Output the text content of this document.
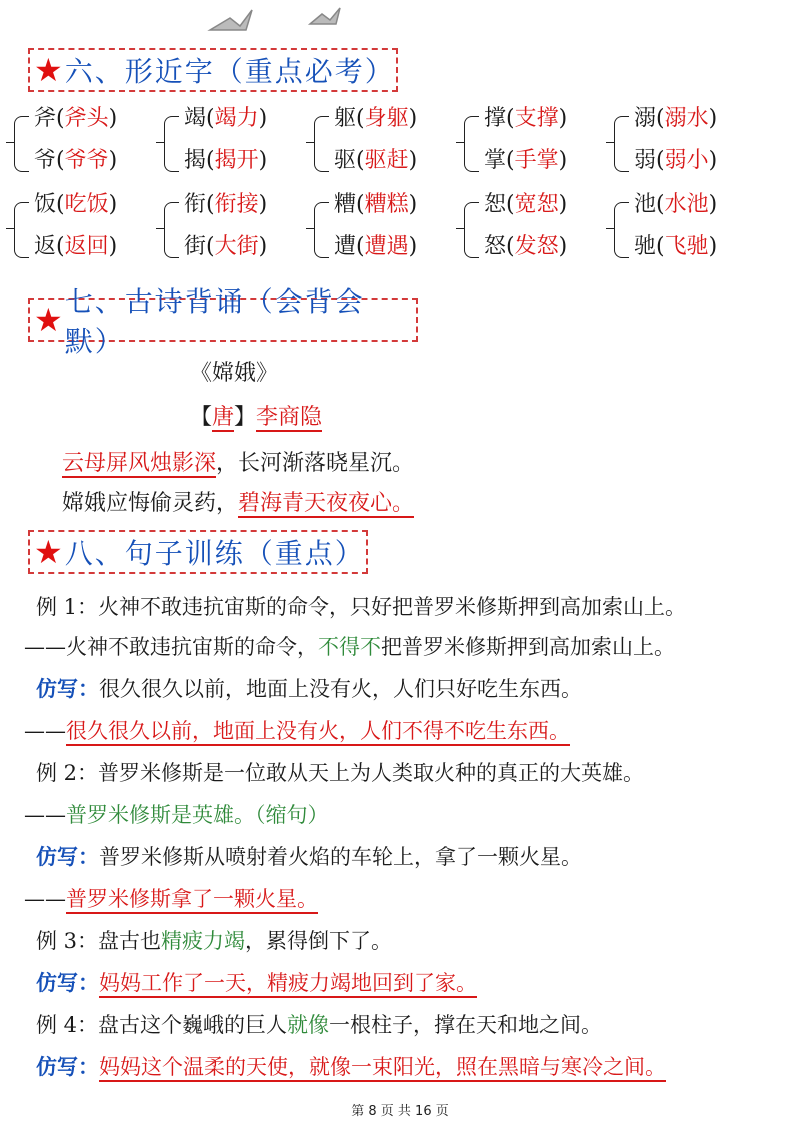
★ 六、形近字（重点必考）
斧(斧头)
爷(爷爷)
竭(竭力)
揭(揭开)
躯(身躯)
驱(驱赶)
撑(支撑)
掌(手掌)
溺(溺水)
弱(弱小)
饭(吃饭)
返(返回)
衔(衔接)
街(大街)
糟(糟糕)
遭(遭遇)
恕(宽恕)
怒(发怒)
池(水池)
驰(飞驰)
★ 七、古诗背诵（会背会默）
《嫦娥》
【唐】李商隐
云母屏风烛影深，长河渐落晓星沉。
嫦娥应悔偷灵药，碧海青天夜夜心。
★ 八、句子训练（重点）
例 1：火神不敢违抗宙斯的命令，只好把普罗米修斯押到高加索山上。
——火神不敢违抗宙斯的命令，不得不把普罗米修斯押到高加索山上。
仿写：很久很久以前，地面上没有火，人们只好吃生东西。
——很久很久以前，地面上没有火，人们不得不吃生东西。
例 2：普罗米修斯是一位敢从天上为人类取火种的真正的大英雄。
——普罗米修斯是英雄。（缩句）
仿写：普罗米修斯从喷射着火焰的车轮上，拿了一颗火星。
——普罗米修斯拿了一颗火星。
例 3：盘古也精疲力竭，累得倒下了。
仿写：妈妈工作了一天，精疲力竭地回到了家。
例 4：盘古这个巍峨的巨人就像一根柱子，撑在天和地之间。
仿写：妈妈这个温柔的天使，就像一束阳光，照在黑暗与寒冷之间。
第 8 页 共 16 页
